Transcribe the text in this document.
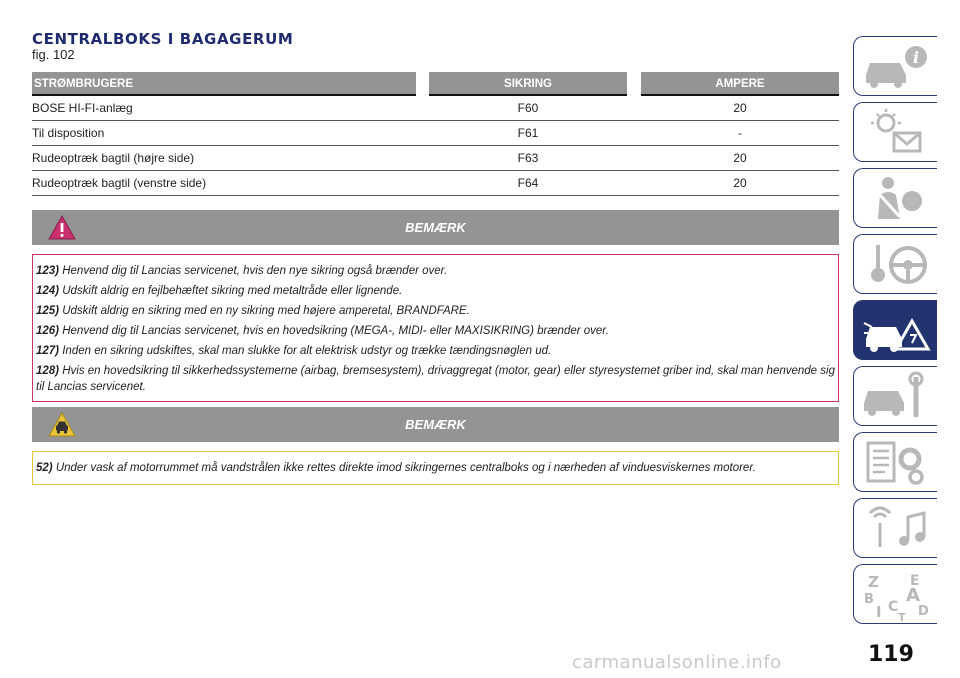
CENTRALBOKS I BAGAGERUM
fig. 102
STRØMBRUGERE	SIKRING	AMPERE
BOSE HI-FI-anlæg	F60	20
Til disposition	F61	-
Rudeoptræk bagtil (højre side)	F63	20
Rudeoptræk bagtil (venstre side)	F64	20
BEMÆRK
123) Henvend dig til Lancias servicenet, hvis den nye sikring også brænder over.
124) Udskift aldrig en fejlbehæftet sikring med metaltråde eller lignende.
125) Udskift aldrig en sikring med en ny sikring med højere amperetal, BRANDFARE.
126) Henvend dig til Lancias servicenet, hvis en hovedsikring (MEGA-, MIDI- eller MAXISIKRING) brænder over.
127) Inden en sikring udskiftes, skal man slukke for alt elektrisk udstyr og trække tændingsnøglen ud.
128) Hvis en hovedsikring til sikkerhedssystemerne (airbag, bremsesystem), drivaggregat (motor, gear) eller styresystemet griber ind, skal man henvende sig til Lancias servicenet.
BEMÆRK
52) Under vask af motorrummet må vandstrålen ikke rettes direkte imod sikringernes centralboks og i nærheden af vinduesviskernes motorer.
i
Z E
B A
I C D
T
119
carmanualsonline.info
